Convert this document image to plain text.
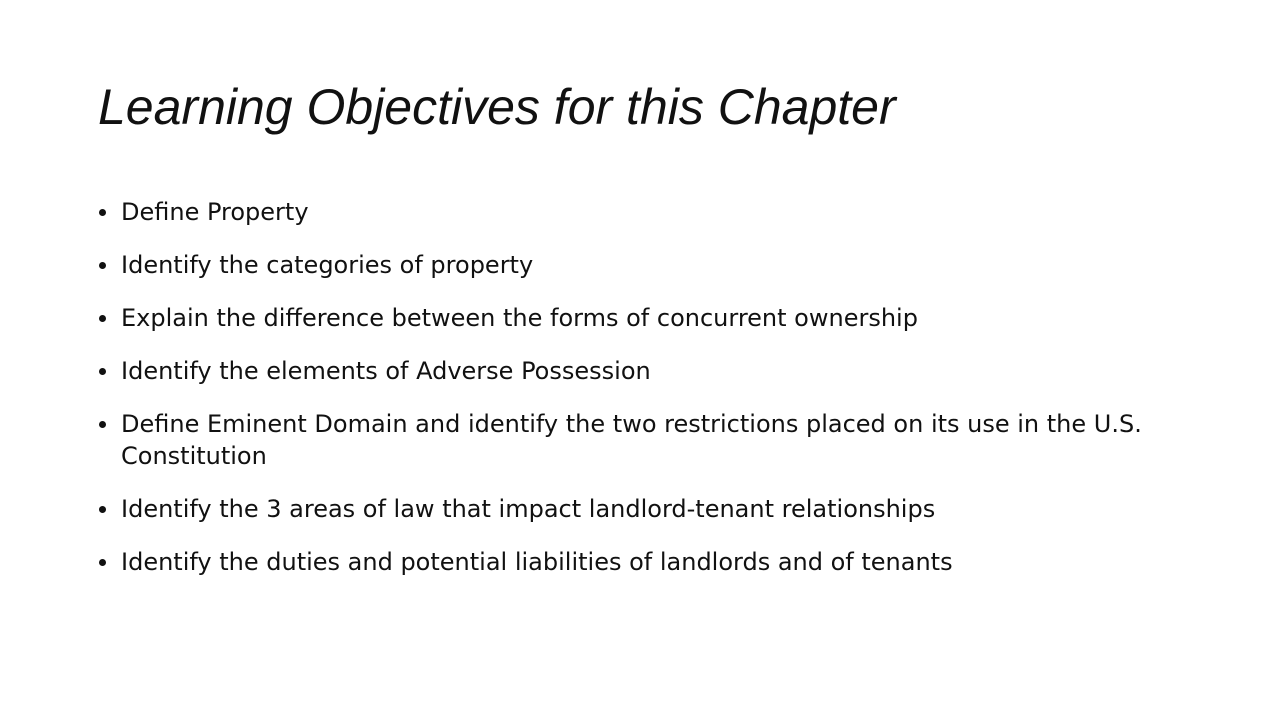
Learning Objectives for this Chapter
Define Property
Identify the categories of property
Explain the difference between the forms of concurrent ownership
Identify the elements of Adverse Possession
Define Eminent Domain and identify the two restrictions placed on its use in the U.S. Constitution
Identify the 3 areas of law that impact landlord-tenant relationships
Identify the duties and potential liabilities of landlords and of tenants
